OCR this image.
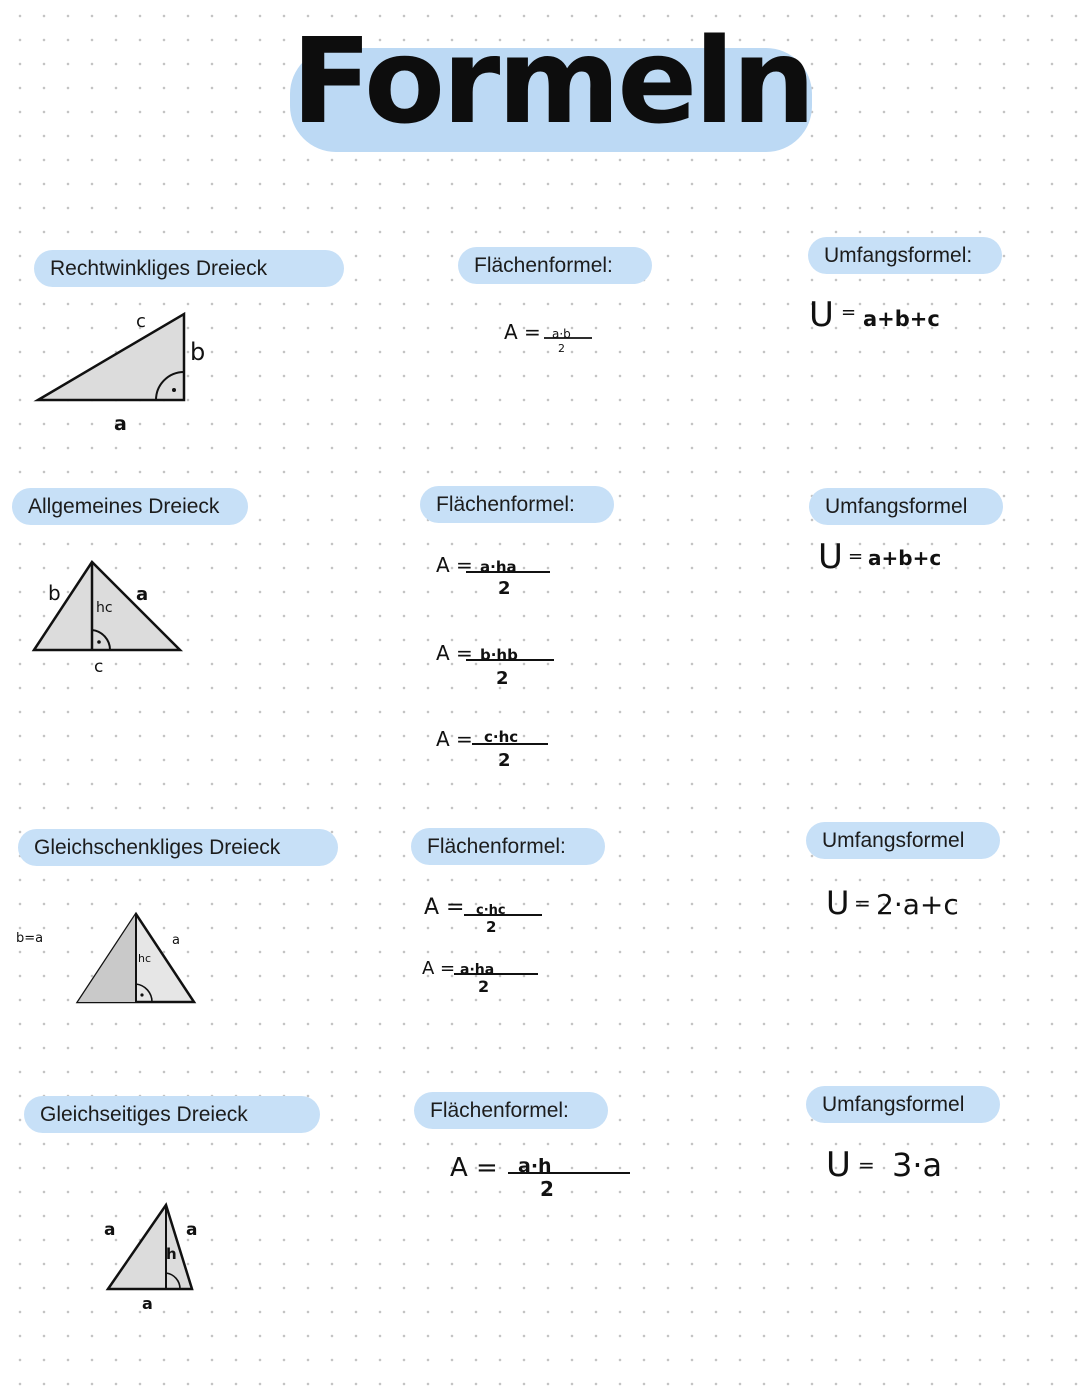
Formeln
Rechtwinkliges Dreieck	Flächenformel:	Umfangsformel:
c
b
a
A = a·b
2
U = a+b+c
Allgemeines Dreieck	Flächenformel:	Umfangsformel
b	a
hc
c
A = a·ha
2
A = b·hb
2
A = c·hc
2
U = a+b+c
Gleichschenkliges Dreieck	Flächenformel:	Umfangsformel
b=a	a
hc
A = c·hc
2
A = a·ha
2
U = 2·a+c
Gleichseitiges Dreieck	Flächenformel:	Umfangsformel
a	a
h
a
A = a·h
2
U = 3·a
